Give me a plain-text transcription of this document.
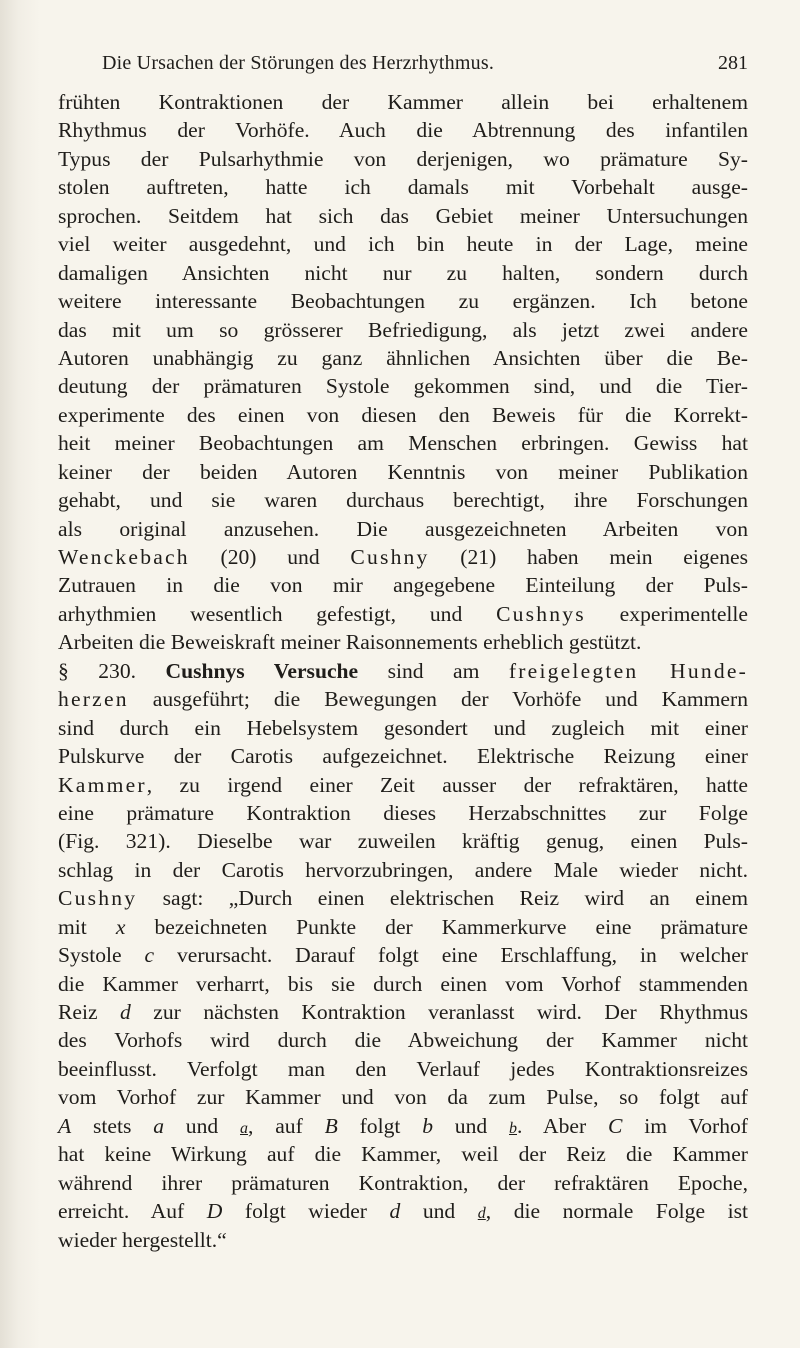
Die Ursachen der Störungen des Herzrhythmus.	281
frühten Kontraktionen der Kammer allein bei erhaltenem
Rhythmus der Vorhöfe. Auch die Abtrennung des infantilen
Typus der Pulsarhythmie von derjenigen, wo prämature Sy-
stolen auftreten, hatte ich damals mit Vorbehalt ausge-
sprochen. Seitdem hat sich das Gebiet meiner Untersuchungen
viel weiter ausgedehnt, und ich bin heute in der Lage, meine
damaligen Ansichten nicht nur zu halten, sondern durch
weitere interessante Beobachtungen zu ergänzen. Ich betone
das mit um so grösserer Befriedigung, als jetzt zwei andere
Autoren unabhängig zu ganz ähnlichen Ansichten über die Be-
deutung der prämaturen Systole gekommen sind, und die Tier-
experimente des einen von diesen den Beweis für die Korrekt-
heit meiner Beobachtungen am Menschen erbringen. Gewiss hat
keiner der beiden Autoren Kenntnis von meiner Publikation
gehabt, und sie waren durchaus berechtigt, ihre Forschungen
als original anzusehen. Die ausgezeichneten Arbeiten von
Wenckebach (20) und Cushny (21) haben mein eigenes
Zutrauen in die von mir angegebene Einteilung der Puls-
arhythmien wesentlich gefestigt, und Cushnys experimentelle
Arbeiten die Beweiskraft meiner Raisonnements erheblich gestützt.
§ 230. Cushnys Versuche sind am freigelegten Hunde-
herzen ausgeführt; die Bewegungen der Vorhöfe und Kammern
sind durch ein Hebelsystem gesondert und zugleich mit einer
Pulskurve der Carotis aufgezeichnet. Elektrische Reizung einer
Kammer, zu irgend einer Zeit ausser der refraktären, hatte
eine prämature Kontraktion dieses Herzabschnittes zur Folge
(Fig. 321). Dieselbe war zuweilen kräftig genug, einen Puls-
schlag in der Carotis hervorzubringen, andere Male wieder nicht.
Cushny sagt: „Durch einen elektrischen Reiz wird an einem
mit x bezeichneten Punkte der Kammerkurve eine prämature
Systole c verursacht. Darauf folgt eine Erschlaffung, in welcher
die Kammer verharrt, bis sie durch einen vom Vorhof stammenden
Reiz d zur nächsten Kontraktion veranlasst wird. Der Rhythmus
des Vorhofs wird durch die Abweichung der Kammer nicht
beeinflusst. Verfolgt man den Verlauf jedes Kontraktionsreizes
vom Vorhof zur Kammer und von da zum Pulse, so folgt auf
A stets a und a, auf B folgt b und b. Aber C im Vorhof
hat keine Wirkung auf die Kammer, weil der Reiz die Kammer
während ihrer prämaturen Kontraktion, der refraktären Epoche,
erreicht. Auf D folgt wieder d und d, die normale Folge ist
wieder hergestellt.“
